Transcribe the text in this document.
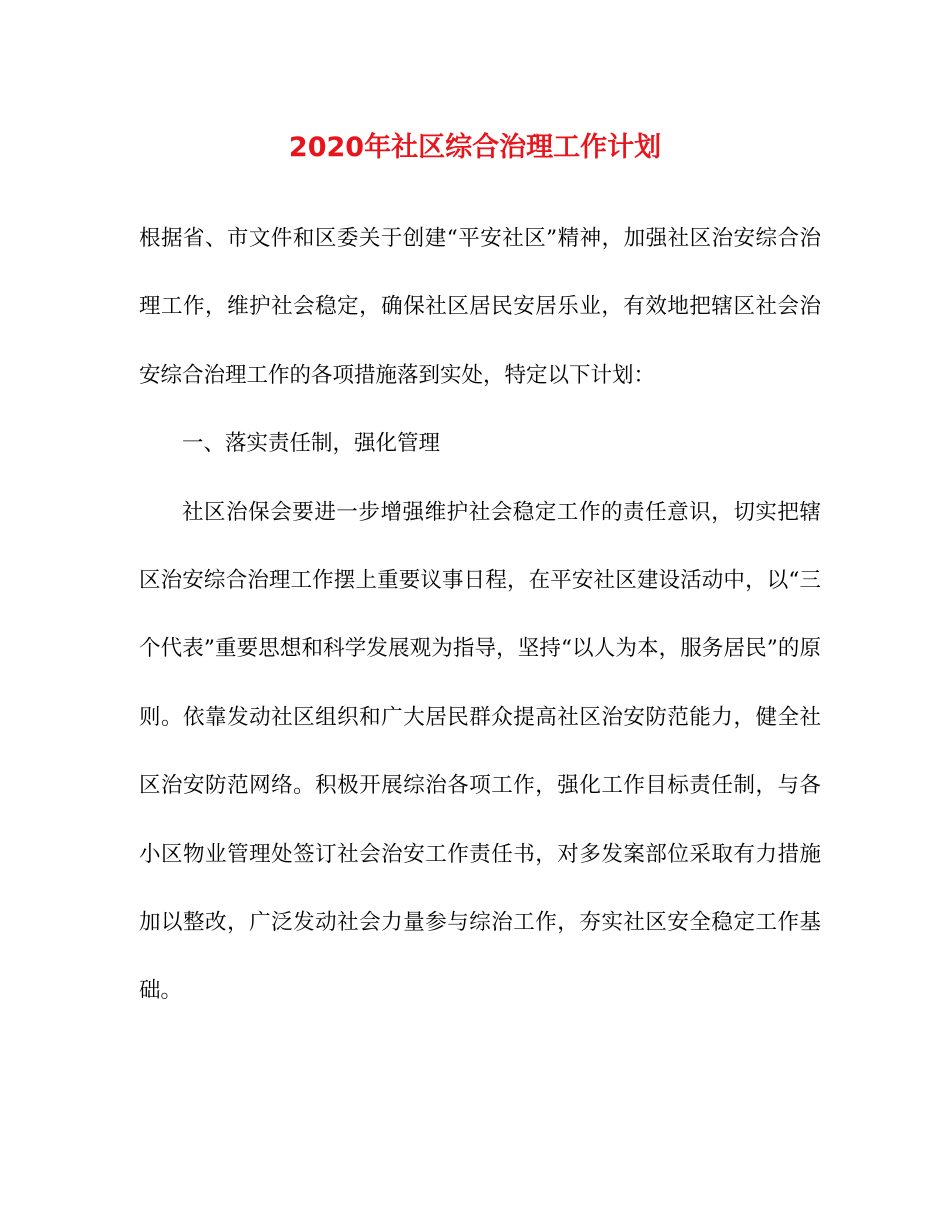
2020年社区综合治理工作计划

根据省、市文件和区委关于创建“平安社区”精神，加强社区治安综合治理工作，维护社会稳定，确保社区居民安居乐业，有效地把辖区社会治安综合治理工作的各项措施落到实处，特定以下计划：

一、落实责任制，强化管理

社区治保会要进一步增强维护社会稳定工作的责任意识，切实把辖区治安综合治理工作摆上重要议事日程，在平安社区建设活动中，以“三个代表”重要思想和科学发展观为指导，坚持“以人为本，服务居民”的原则。依靠发动社区组织和广大居民群众提高社区治安防范能力，健全社区治安防范网络。积极开展综治各项工作，强化工作目标责任制，与各小区物业管理处签订社会治安工作责任书，对多发案部位采取有力措施加以整改，广泛发动社会力量参与综治工作，夯实社区安全稳定工作基础。
